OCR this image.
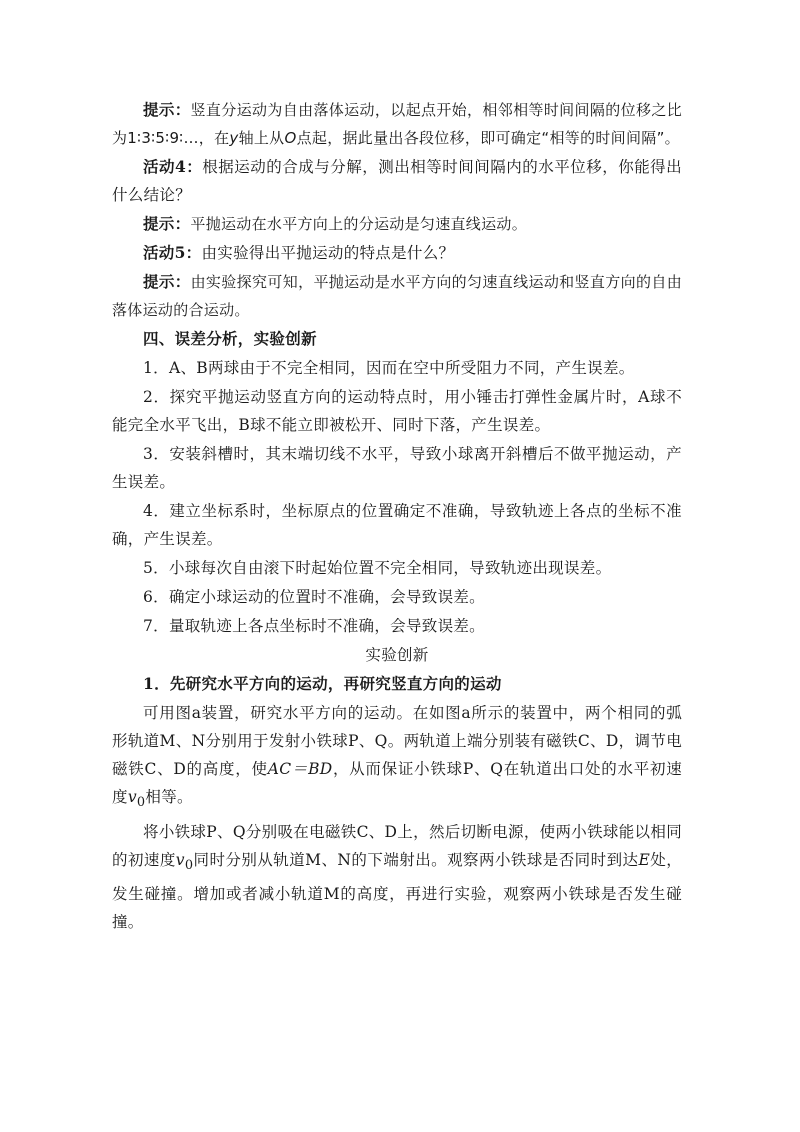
提示：竖直分运动为自由落体运动，以起点开始，相邻相等时间间隔的位移之比为1∶3∶5∶9∶…，在y轴上从O点起，据此量出各段位移，即可确定“相等的时间间隔”。

活动4：根据运动的合成与分解，测出相等时间间隔内的水平位移，你能得出什么结论？

提示：平抛运动在水平方向上的分运动是匀速直线运动。

活动5：由实验得出平抛运动的特点是什么？

提示：由实验探究可知，平抛运动是水平方向的匀速直线运动和竖直方向的自由落体运动的合运动。

四、误差分析，实验创新

1．A、B两球由于不完全相同，因而在空中所受阻力不同，产生误差。

2．探究平抛运动竖直方向的运动特点时，用小锤击打弹性金属片时，A球不能完全水平飞出，B球不能立即被松开、同时下落，产生误差。

3．安装斜槽时，其末端切线不水平，导致小球离开斜槽后不做平抛运动，产生误差。

4．建立坐标系时，坐标原点的位置确定不准确，导致轨迹上各点的坐标不准确，产生误差。

5．小球每次自由滚下时起始位置不完全相同，导致轨迹出现误差。

6．确定小球运动的位置时不准确，会导致误差。

7．量取轨迹上各点坐标时不准确，会导致误差。

实验创新

1．先研究水平方向的运动，再研究竖直方向的运动

可用图a装置，研究水平方向的运动。在如图a所示的装置中，两个相同的弧形轨道M、N分别用于发射小铁球P、Q。两轨道上端分别装有磁铁C、D，调节电磁铁C、D的高度，使AC＝BD，从而保证小铁球P、Q在轨道出口处的水平初速度$v_0$相等。

将小铁球P、Q分别吸在电磁铁C、D上，然后切断电源，使两小铁球能以相同的初速度$v_0$同时分别从轨道M、N的下端射出。观察两小铁球是否同时到达E处，发生碰撞。增加或者减小轨道M的高度，再进行实验，观察两小铁球是否发生碰撞。
